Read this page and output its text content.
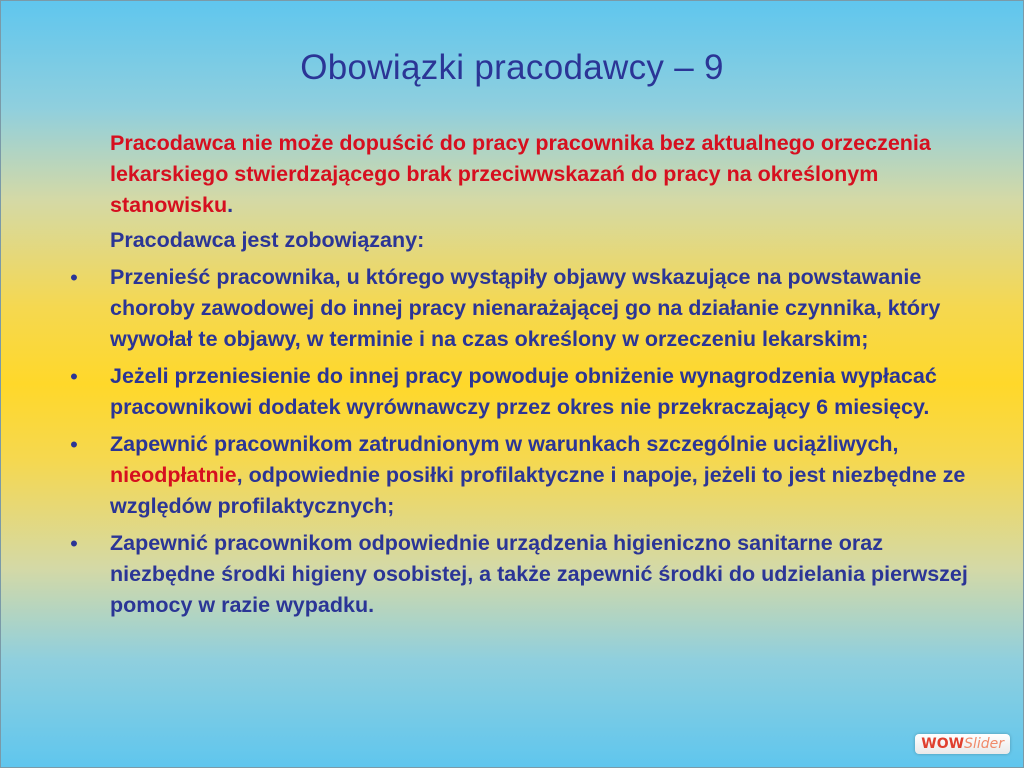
Obowiązki pracodawcy – 9

Pracodawca nie może dopuścić do pracy pracownika bez aktualnego orzeczenia lekarskiego stwierdzającego brak przeciwwskazań do pracy na określonym stanowisku.

Pracodawca jest zobowiązany:

• Przenieść pracownika, u którego wystąpiły objawy wskazujące na powstawanie choroby zawodowej do innej pracy nienarażającej go na działanie czynnika, który wywołał te objawy, w terminie i na czas określony w orzeczeniu lekarskim;

• Jeżeli przeniesienie do innej pracy powoduje obniżenie wynagrodzenia wypłacać pracownikowi dodatek wyrównawczy przez okres nie przekraczający 6 miesięcy.

• Zapewnić pracownikom zatrudnionym w warunkach szczególnie uciążliwych, nieodpłatnie, odpowiednie posiłki profilaktyczne i napoje, jeżeli to jest niezbędne ze względów profilaktycznych;

• Zapewnić pracownikom odpowiednie urządzenia higieniczno sanitarne oraz niezbędne środki higieny osobistej, a także zapewnić środki do udzielania pierwszej pomocy w razie wypadku.

WOWSlider
